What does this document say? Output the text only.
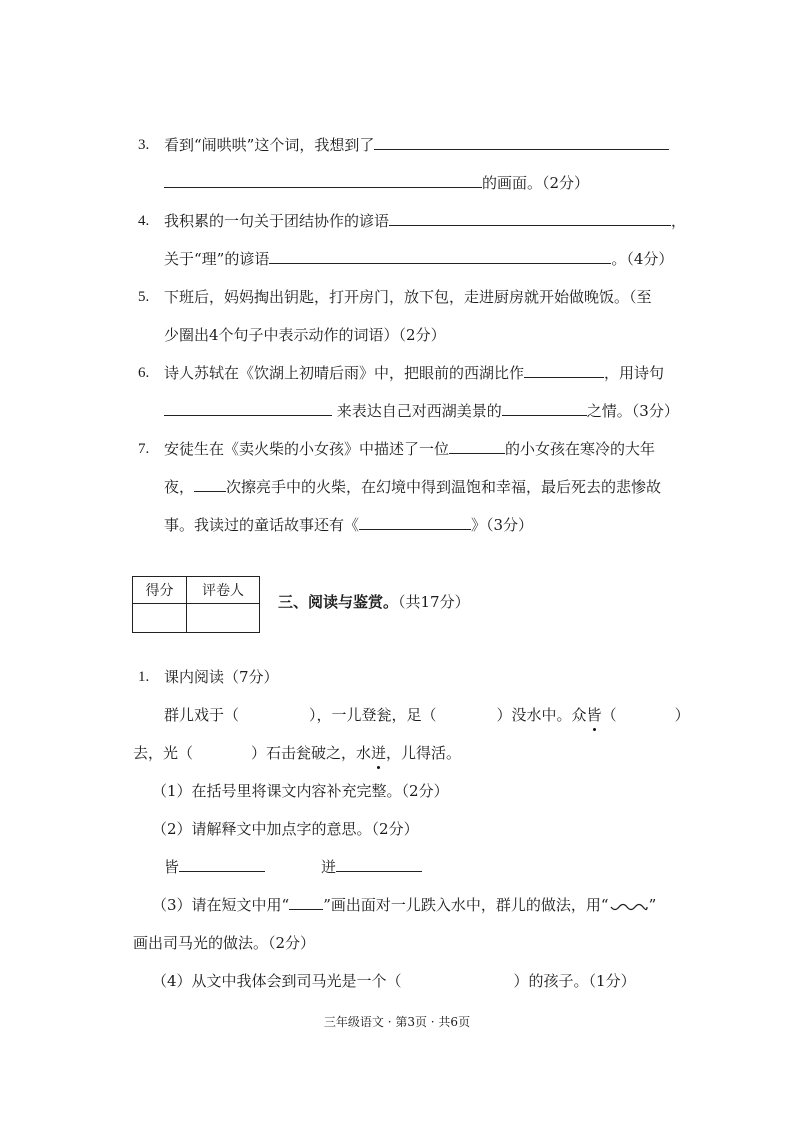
3. 看到“闹哄哄”这个词，我想到了
的画面。（2分）
4. 我积累的一句关于团结协作的谚语	，
关于“理”的谚语	。（4分）
5. 下班后，妈妈掏出钥匙，打开房门，放下包，走进厨房就开始做晚饭。（至
少圈出4个句子中表示动作的词语）（2分）
6. 诗人苏轼在《饮湖上初晴后雨》中，把眼前的西湖比作	，用诗句
来表达自己对西湖美景的	之情。（3分）
7. 安徒生在《卖火柴的小女孩》中描述了一位	的小女孩在寒冷的大年
夜， 次擦亮手中的火柴，在幻境中得到温饱和幸福，最后死去的悲惨故
事。我读过的童话故事还有《	》（3分）
得分	评卷人

三、阅读与鉴赏。（共17分）
1. 课内阅读（7分）
群儿戏于（	），一儿登瓮，足（	）没水中。众皆（	）
去，光（	）石击瓮破之，水迸，儿得活。
（1）在括号里将课文内容补充完整。（2分）
（2）请解释文中加点字的意思。（2分）
皆	迸
（3）请在短文中用“ ”画出面对一儿跌入水中，群儿的做法，用“	”
画出司马光的做法。（2分）
（4）从文中我体会到司马光是一个（	）的孩子。（1分）
三年级语文 · 第3页 · 共6页
